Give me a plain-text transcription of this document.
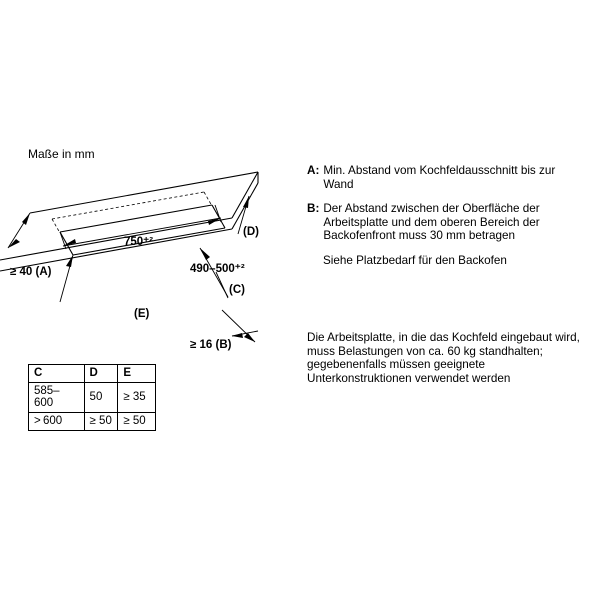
Maße in mm
750⁺²
490–500⁺²
≥ 40 (A)
≥ 16 (B)
(C)
(D)
(E)
C	D	E
585–600	50	≥ 35
> 600	≥ 50	≥ 50
A: Min. Abstand vom Kochfeldausschnitt bis zur Wand
B: Der Abstand zwischen der Oberfläche der Arbeitsplatte und dem oberen Bereich der Backofenfront muss 30 mm betragen
Siehe Platzbedarf für den Backofen
Die Arbeitsplatte, in die das Kochfeld eingebaut wird, muss Belastungen von ca. 60 kg standhalten; gegebenenfalls müssen geeignete Unterkonstruktionen verwendet werden
